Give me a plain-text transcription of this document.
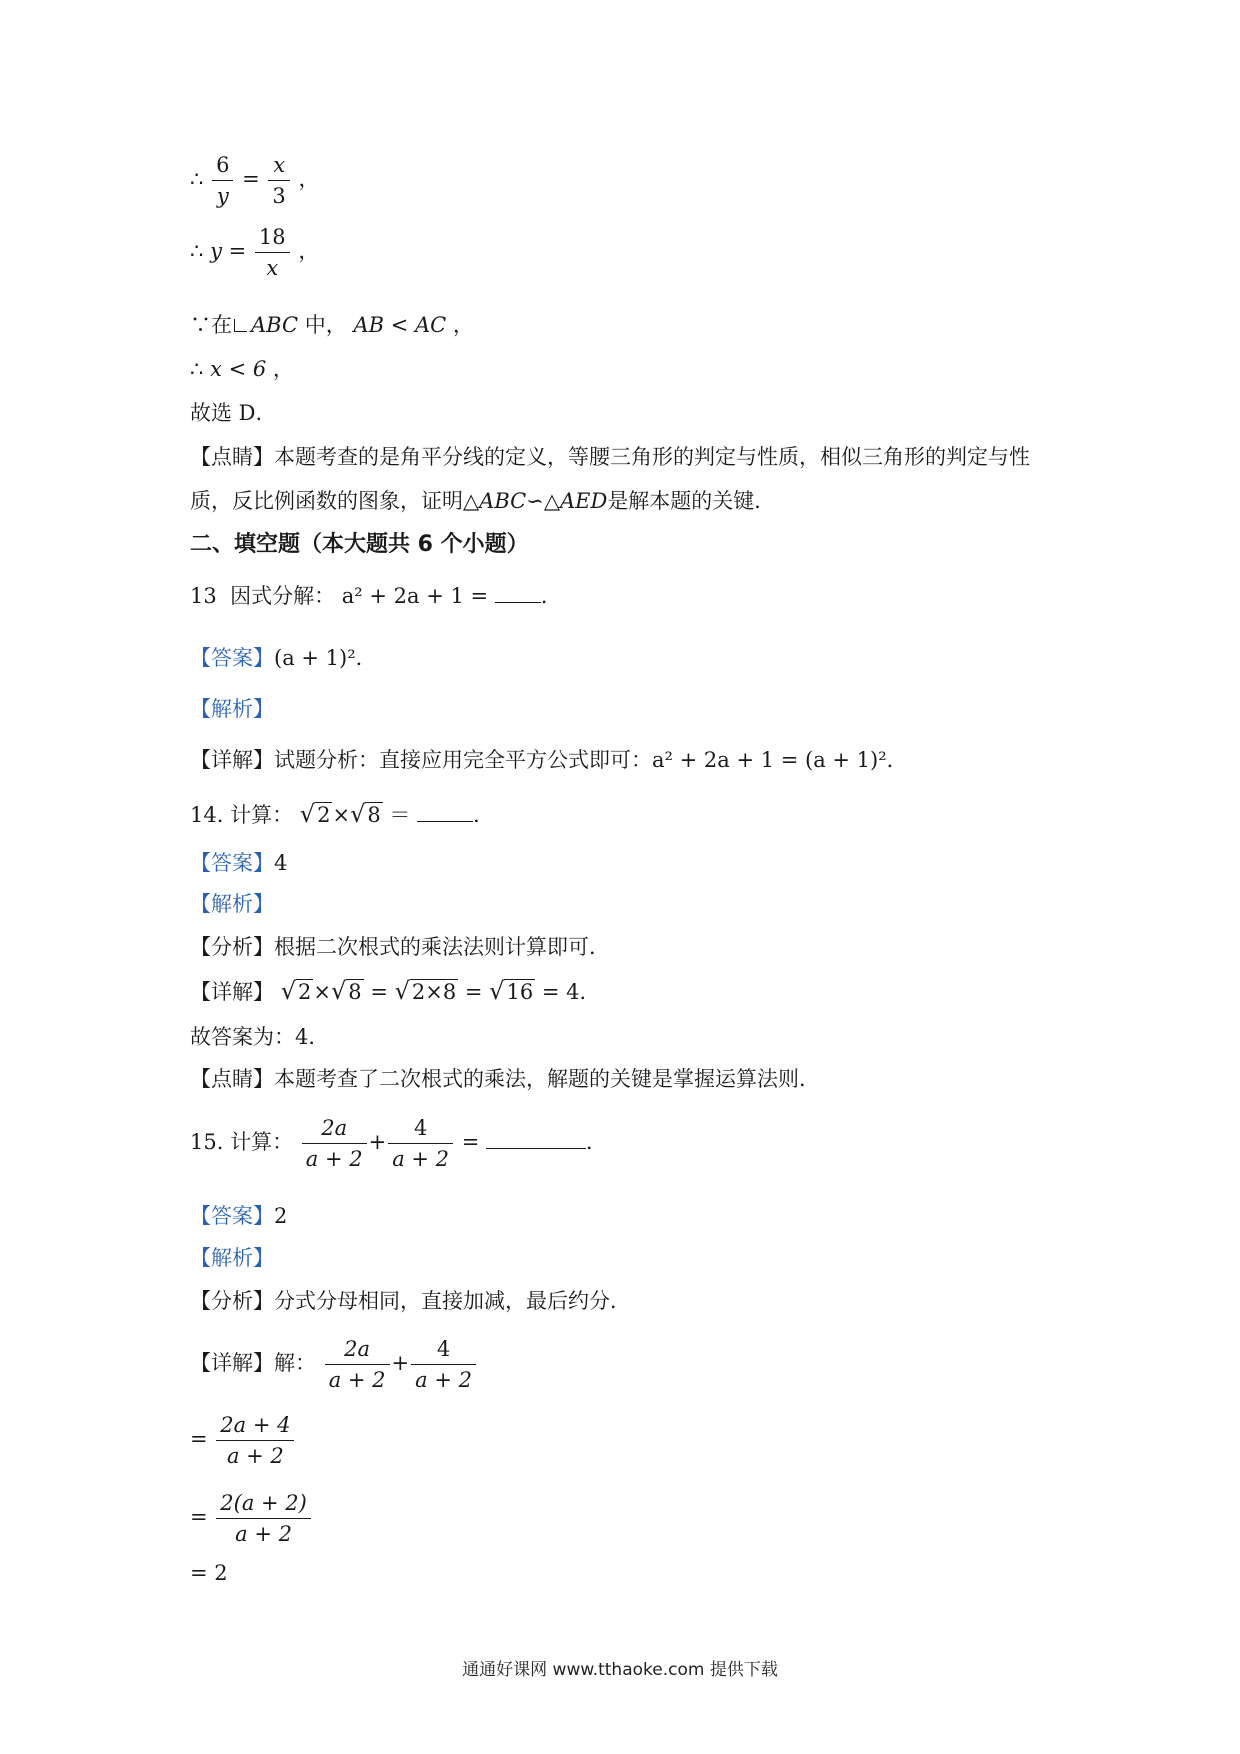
∴ $\frac{6}{y} = \frac{x}{3}$ ，
∴ $y = \frac{18}{x}$ ，
∵在 ABC 中， AB < AC ，
∴ x < 6 ，
故选 D．
【点睛】本题考查的是角平分线的定义，等腰三角形的判定与性质，相似三角形的判定与性
质，反比例函数的图象，证明△ABC∽△AED是解本题的关键．
二、填空题（本大题共 6 个小题）
13 因式分解： a² + 2a + 1 =	．
【答案】(a + 1)²．
【解析】
【详解】试题分析：直接应用完全平方公式即可：a² + 2a + 1 = (a + 1)²．
14. 计算： √2×√8 ＝	．
【答案】4
【解析】
【分析】根据二次根式的乘法法则计算即可．
【详解】 √2×√8 = √2×8 = √16 = 4．
故答案为：4．
【点睛】本题考查了二次根式的乘法，解题的关键是掌握运算法则．
15. 计算： $\frac{2a}{a + 2} + \frac{4}{a + 2}$ =	．
【答案】2
【解析】
【分析】分式分母相同，直接加减，最后约分．
【详解】解： $\frac{2a}{a + 2} + \frac{4}{a + 2}$
= $\frac{2a + 4}{a + 2}$
= $\frac{2(a + 2)}{a + 2}$
= 2
通通好课网 www.tthaoke.com 提供下载
